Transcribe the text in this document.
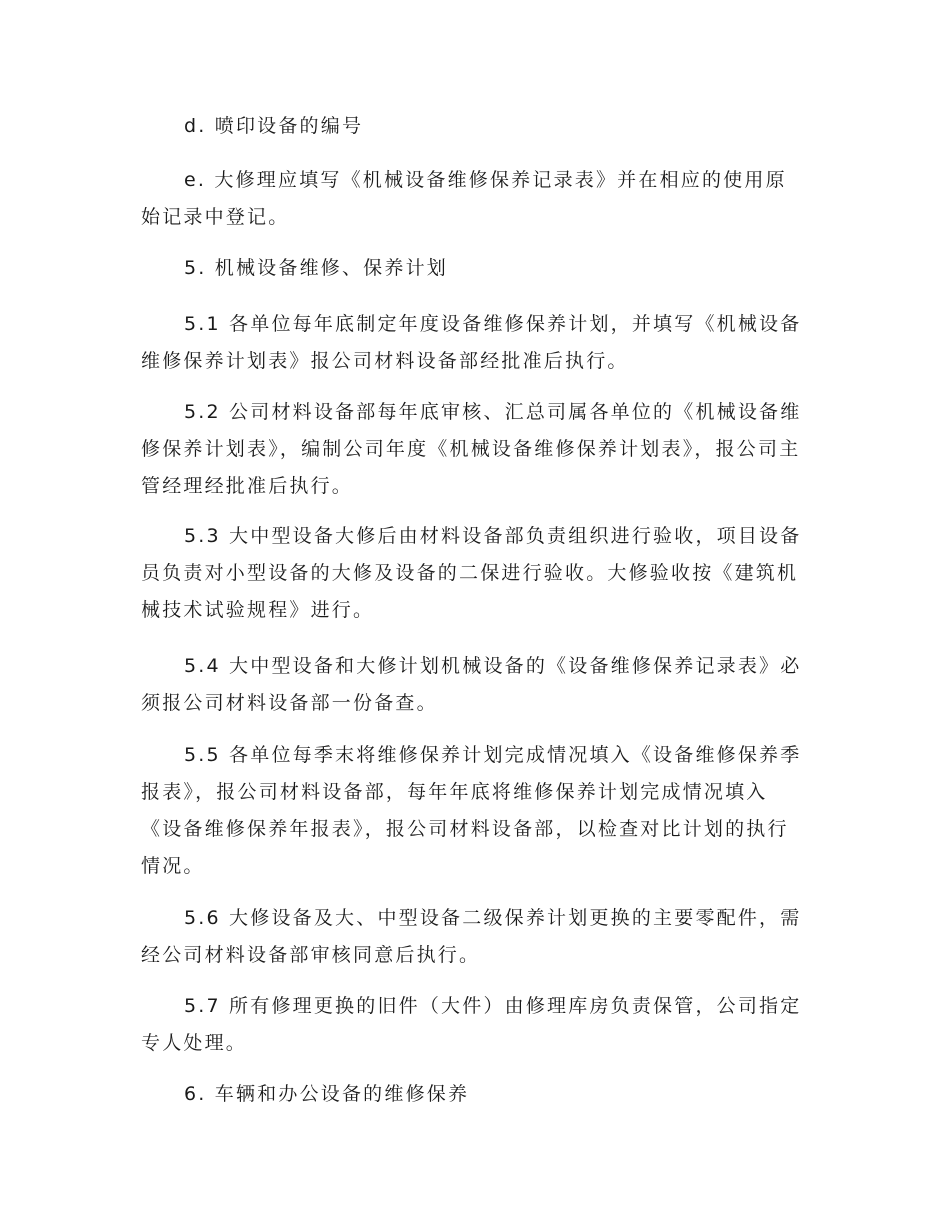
d. 喷印设备的编号

e. 大修理应填写《机械设备维修保养记录表》并在相应的使用原始记录中登记。

5. 机械设备维修、保养计划

5.1 各单位每年底制定年度设备维修保养计划，并填写《机械设备维修保养计划表》报公司材料设备部经批准后执行。

5.2 公司材料设备部每年底审核、汇总司属各单位的《机械设备维修保养计划表》，编制公司年度《机械设备维修保养计划表》，报公司主管经理经批准后执行。

5.3 大中型设备大修后由材料设备部负责组织进行验收，项目设备员负责对小型设备的大修及设备的二保进行验收。大修验收按《建筑机械技术试验规程》进行。

5.4 大中型设备和大修计划机械设备的《设备维修保养记录表》必须报公司材料设备部一份备查。

5.5 各单位每季末将维修保养计划完成情况填入《设备维修保养季报表》，报公司材料设备部，每年年底将维修保养计划完成情况填入《设备维修保养年报表》，报公司材料设备部，以检查对比计划的执行情况。

5.6 大修设备及大、中型设备二级保养计划更换的主要零配件，需经公司材料设备部审核同意后执行。

5.7 所有修理更换的旧件（大件）由修理库房负责保管，公司指定专人处理。

6. 车辆和办公设备的维修保养
